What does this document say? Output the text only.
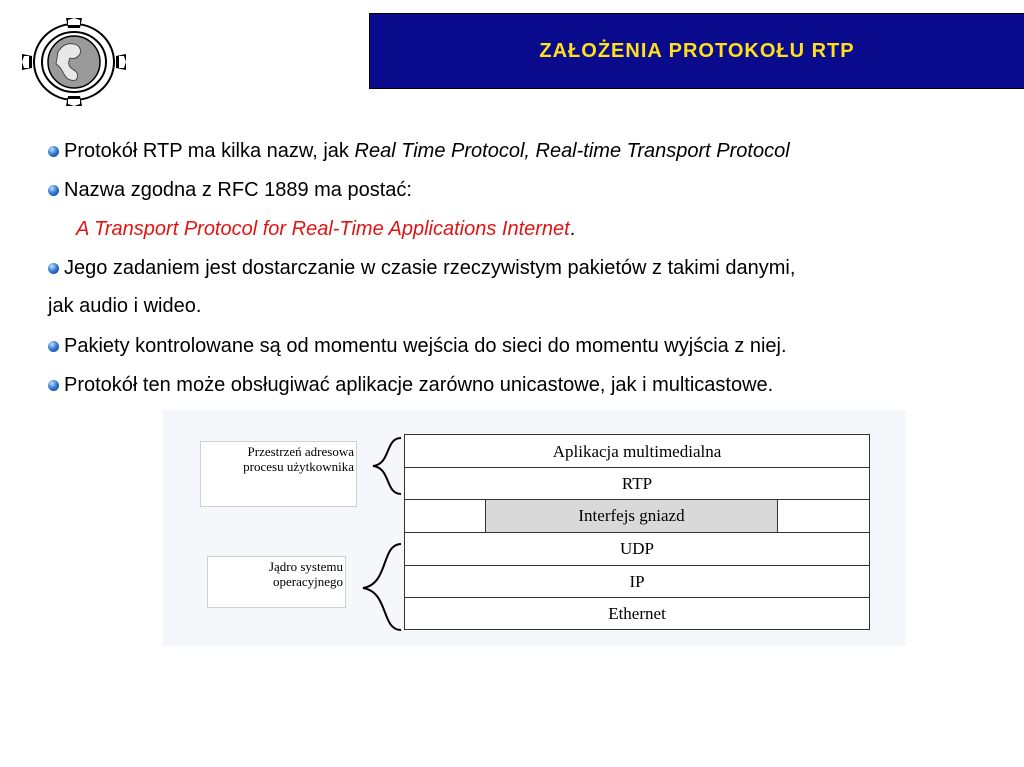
ZAŁOŻENIA PROTOKOŁU RTP
Protokół RTP ma kilka nazw, jak Real Time Protocol, Real-time Transport Protocol
Nazwa zgodna z RFC 1889 ma postać:
A Transport Protocol for Real-Time Applications Internet.
Jego zadaniem jest dostarczanie w czasie rzeczywistym pakietów z takimi danymi,
jak audio i wideo.
Pakiety kontrolowane są od momentu wejścia do sieci do momentu wyjścia z niej.
Protokół ten może obsługiwać aplikacje zarówno unicastowe, jak i multicastowe.
Przestrzeń adresowa
procesu użytkownika
Jądro systemu
operacyjnego
Aplikacja multimedialna
RTP
Interfejs gniazd
UDP
IP
Ethernet
